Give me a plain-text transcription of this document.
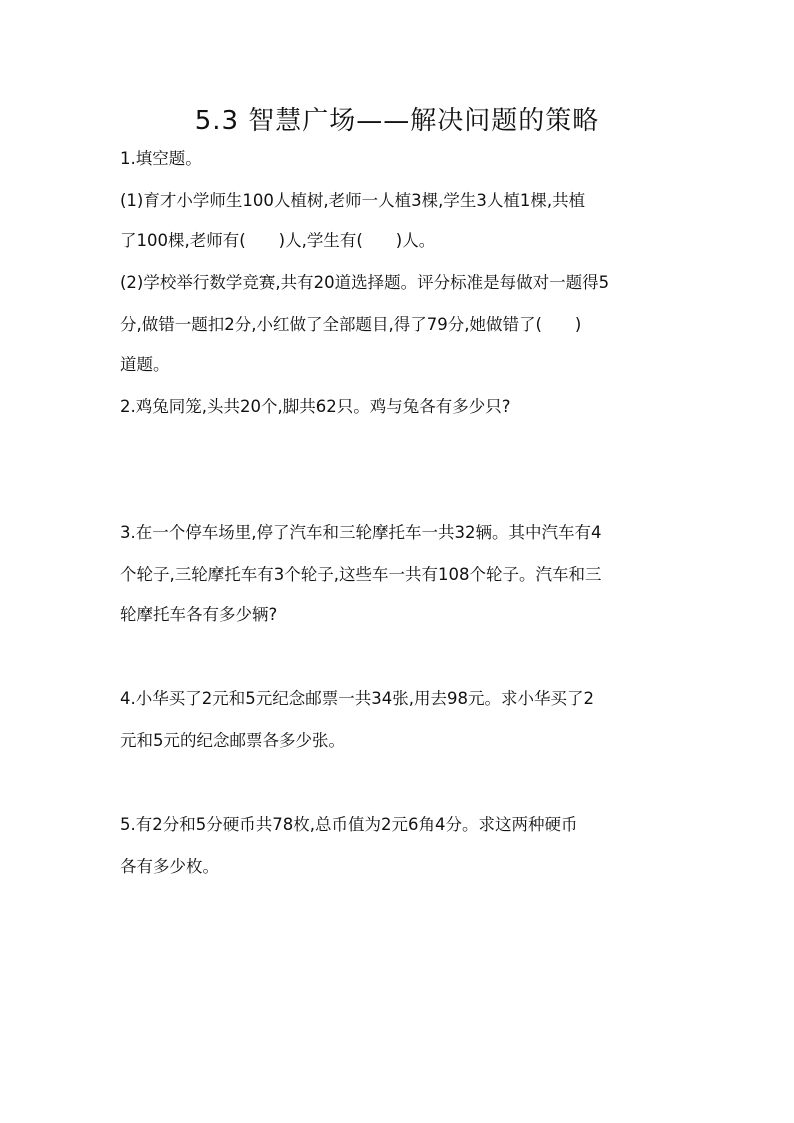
5.3 智慧广场——解决问题的策略
1.填空题。
(1)育才小学师生100人植树,老师一人植3棵,学生3人植1棵,共植
了100棵,老师有(　　)人,学生有(　　)人。
(2)学校举行数学竞赛,共有20道选择题。评分标准是每做对一题得5
分,做错一题扣2分,小红做了全部题目,得了79分,她做错了(　　)
道题。
2.鸡兔同笼,头共20个,脚共62只。鸡与兔各有多少只?
3.在一个停车场里,停了汽车和三轮摩托车一共32辆。其中汽车有4
个轮子,三轮摩托车有3个轮子,这些车一共有108个轮子。汽车和三
轮摩托车各有多少辆?
4.小华买了2元和5元纪念邮票一共34张,用去98元。求小华买了2
元和5元的纪念邮票各多少张。
5.有2分和5分硬币共78枚,总币值为2元6角4分。求这两种硬币
各有多少枚。
